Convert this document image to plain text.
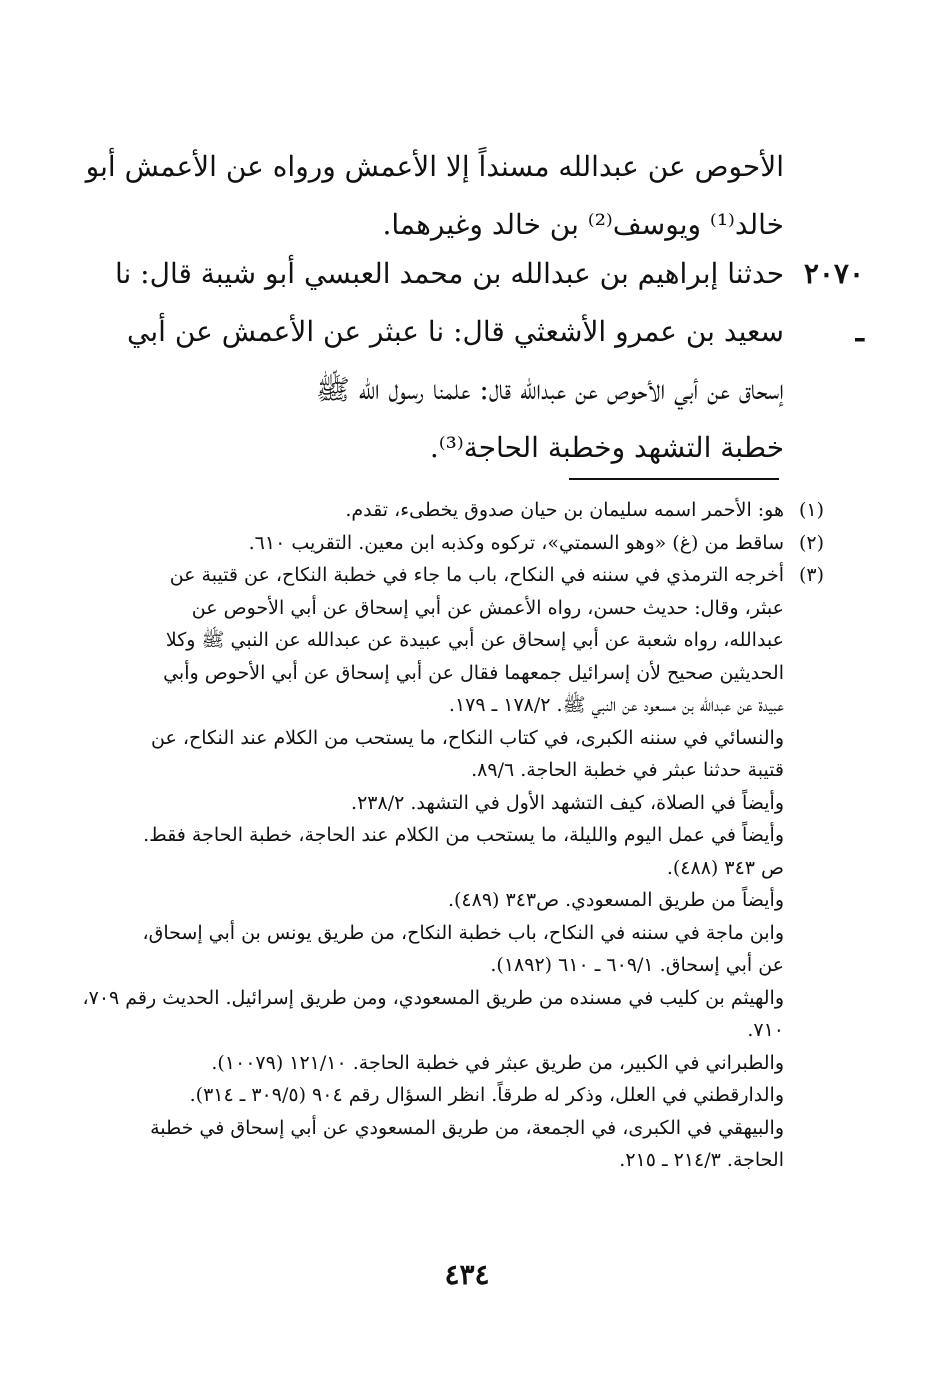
الأحوص عن عبدالله مسنداً إلا الأعمش ورواه عن الأعمش أبو

خالد⁽¹⁾ ويوسف⁽²⁾ بن خالد وغيرهما.

٢٠٧٠ ـ

حدثنا إبراهيم بن عبدالله بن محمد العبسي أبو شيبة قال: نا

سعيد بن عمرو الأشعثي قال: نا عبثر عن الأعمش عن أبي

إسحاق عن أبي الأحوص عن عبدالله قال: علمنا رسول الله ﷺ

خطبة التشهد وخطبة الحاجة⁽³⁾.

(١)
هو: الأحمر اسمه سليمان بن حيان صدوق يخطىء، تقدم.
(٢)
ساقط من (غ) «وهو السمتي»، تركوه وكذبه ابن معين. التقريب ٦١٠.
(٣)
أخرجه الترمذي في سننه في النكاح، باب ما جاء في خطبة النكاح، عن قتيبة عن
عبثر، وقال: حديث حسن، رواه الأعمش عن أبي إسحاق عن أبي الأحوص عن
عبدالله، رواه شعبة عن أبي إسحاق عن أبي عبيدة عن عبدالله عن النبي ﷺ وكلا
الحديثين صحيح لأن إسرائيل جمعهما فقال عن أبي إسحاق عن أبي الأحوص وأبي
عبيدة عن عبدالله بن مسعود عن النبي ﷺ. ١٧٨/٢ ـ ١٧٩.
والنسائي في سننه الكبرى، في كتاب النكاح، ما يستحب من الكلام عند النكاح، عن
قتيبة حدثنا عبثر في خطبة الحاجة. ٨٩/٦.
وأيضاً في الصلاة، كيف التشهد الأول في التشهد. ٢٣٨/٢.
وأيضاً في عمل اليوم والليلة، ما يستحب من الكلام عند الحاجة، خطبة الحاجة فقط.
ص ٣٤٣ (٤٨٨).
وأيضاً من طريق المسعودي. ص٣٤٣ (٤٨٩).
وابن ماجة في سننه في النكاح، باب خطبة النكاح، من طريق يونس بن أبي إسحاق،
عن أبي إسحاق. ٦٠٩/١ ـ ٦١٠ (١٨٩٢).
والهيثم بن كليب في مسنده من طريق المسعودي، ومن طريق إسرائيل. الحديث رقم ٧٠٩،
٧١٠.
والطبراني في الكبير، من طريق عبثر في خطبة الحاجة. ١٢١/١٠ (١٠٠٧٩).
والدارقطني في العلل، وذكر له طرقاً. انظر السؤال رقم ٩٠٤ (٣٠٩/٥ ـ ٣١٤).
والبيهقي في الكبرى، في الجمعة، من طريق المسعودي عن أبي إسحاق في خطبة
الحاجة. ٢١٤/٣ ـ ٢١٥.
٤٣٤
